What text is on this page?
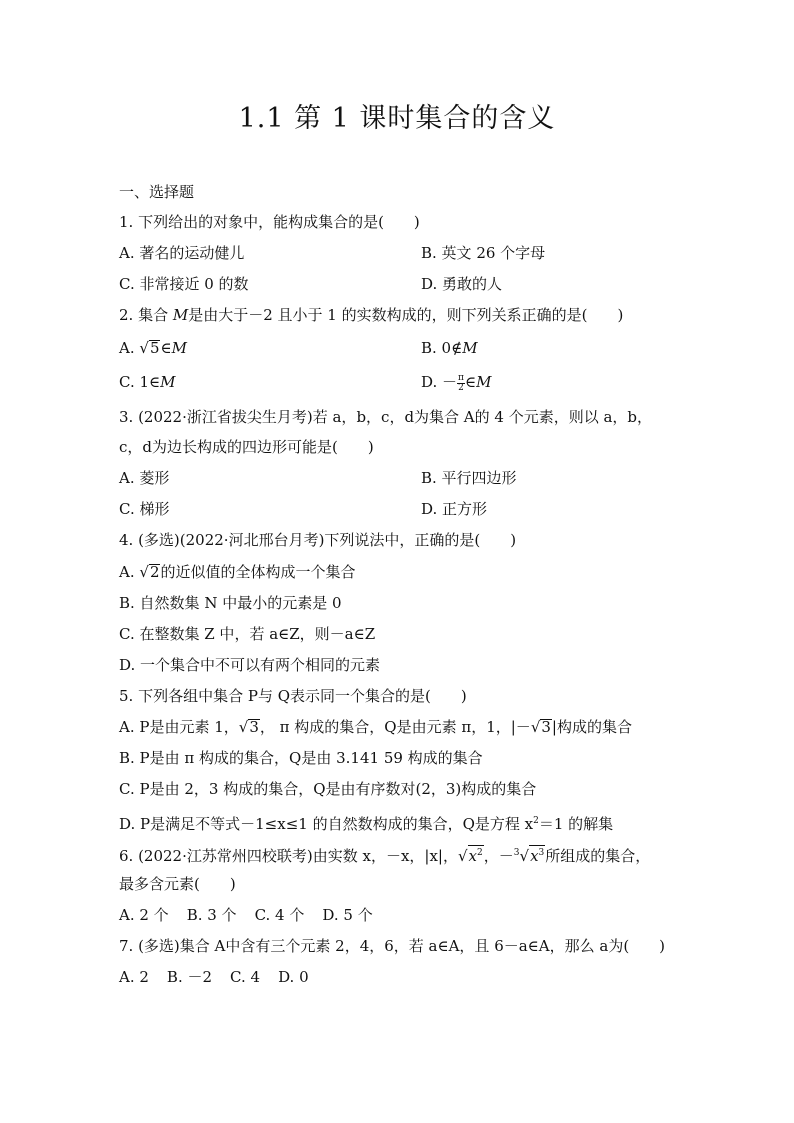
1.1 第 1 课时集合的含义
一、选择题
1. 下列给出的对象中，能构成集合的是(　　)
A. 著名的运动健儿	B. 英文 26 个字母
C. 非常接近 0 的数	D. 勇敢的人
2. 集合 M是由大于－2 且小于 1 的实数构成的，则下列关系正确的是(　　)
A. √5∈M	B. 0∉M
C. 1∈M	D. － $\frac{\pi}{2}$ ∈M
3. (2022·浙江省拔尖生月考)若 a，b，c，d为集合 A的 4 个元素，则以 a，b，
c，d为边长构成的四边形可能是(　　)
A. 菱形	B. 平行四边形
C. 梯形	D. 正方形
4. (多选)(2022·河北邢台月考)下列说法中，正确的是(　　)
A. √2的近似值的全体构成一个集合
B. 自然数集 N 中最小的元素是 0
C. 在整数集 Z 中，若 a∈Z，则－a∈Z
D. 一个集合中不可以有两个相同的元素
5. 下列各组中集合 P与 Q表示同一个集合的是(　　)
A. P是由元素 1，√3， π 构成的集合，Q是由元素 π，1，|－√3|构成的集合
B. P是由 π 构成的集合，Q是由 3.141 59 构成的集合
C. P是由 2，3 构成的集合，Q是由有序数对(2，3)构成的集合
D. P是满足不等式－1≤x≤1 的自然数构成的集合，Q是方程 $x^2=1$ 的解集
6. (2022·江苏常州四校联考)由实数 x，－x，|x|，$√x^2$，$-^3√x^3$所组成的集合，
最多含元素(　　)
A. 2 个 B. 3 个 C. 4 个 D. 5 个
7. (多选)集合 A中含有三个元素 2，4，6，若 a∈A，且 6－a∈A，那么 a为(　　)
A. 2 B. －2 C. 4 D. 0
